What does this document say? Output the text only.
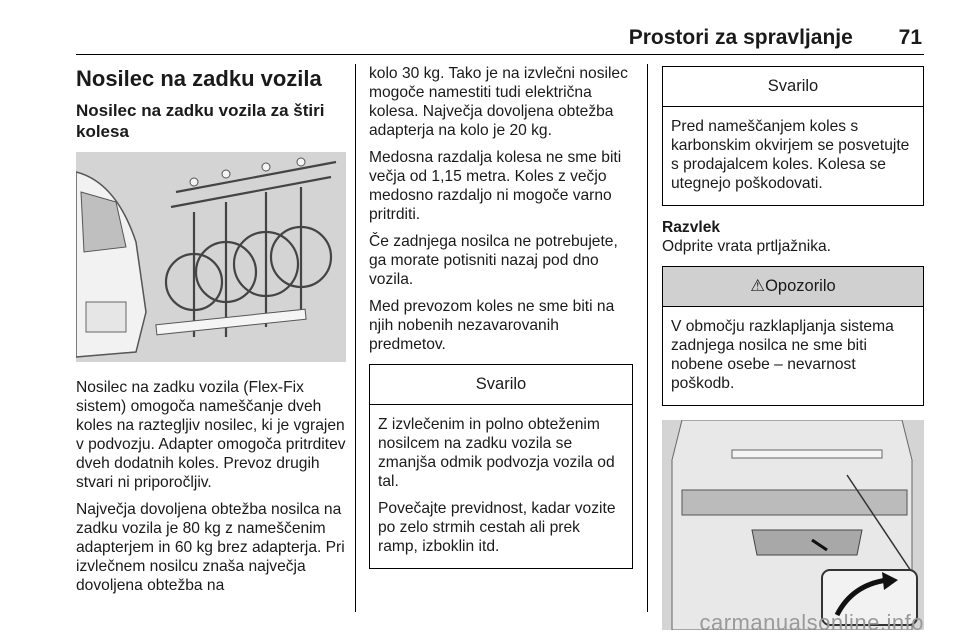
Prostori za spravljanje 71
Nosilec na zadku vozila
Nosilec na zadku vozila za štiri kolesa

Nosilec na zadku vozila (Flex-Fix sistem) omogoča nameščanje dveh koles na raztegljiv nosilec, ki je vgrajen v podvozju. Adapter omogoča pritrditev dveh dodatnih koles. Prevoz drugih stvari ni priporočljiv.

Največja dovoljena obtežba nosilca na zadku vozila je 80 kg z nameščenim adapterjem in 60 kg brez adapterja. Pri izvlečnem nosilcu znaša največja dovoljena obtežba na

kolo 30 kg. Tako je na izvlečni nosilec mogoče namestiti tudi električna kolesa. Največja dovoljena obtežba adapterja na kolo je 20 kg.

Medosna razdalja kolesa ne sme biti večja od 1,15 metra. Koles z večjo medosno razdaljo ni mogoče varno pritrditi.

Če zadnjega nosilca ne potrebujete, ga morate potisniti nazaj pod dno vozila.

Med prevozom koles ne sme biti na njih nobenih nezavarovanih predmetov.

Svarilo

Z izvlečenim in polno obteženim nosilcem na zadku vozila se zmanjša odmik podvozja vozila od tal.

Povečajte previdnost, kadar vozite po zelo strmih cestah ali prek ramp, izboklin itd.

Svarilo

Pred nameščanjem koles s karbonskim okvirjem se posvetujte s prodajalcem koles. Kolesa se utegnejo poškodovati.

Razvlek

Odprite vrata prtljažnika.

⚠Opozorilo

V območju razklapljanja sistema zadnjega nosilca ne sme biti nobene osebe – nevarnost poškodb.

carmanualsonline.info
